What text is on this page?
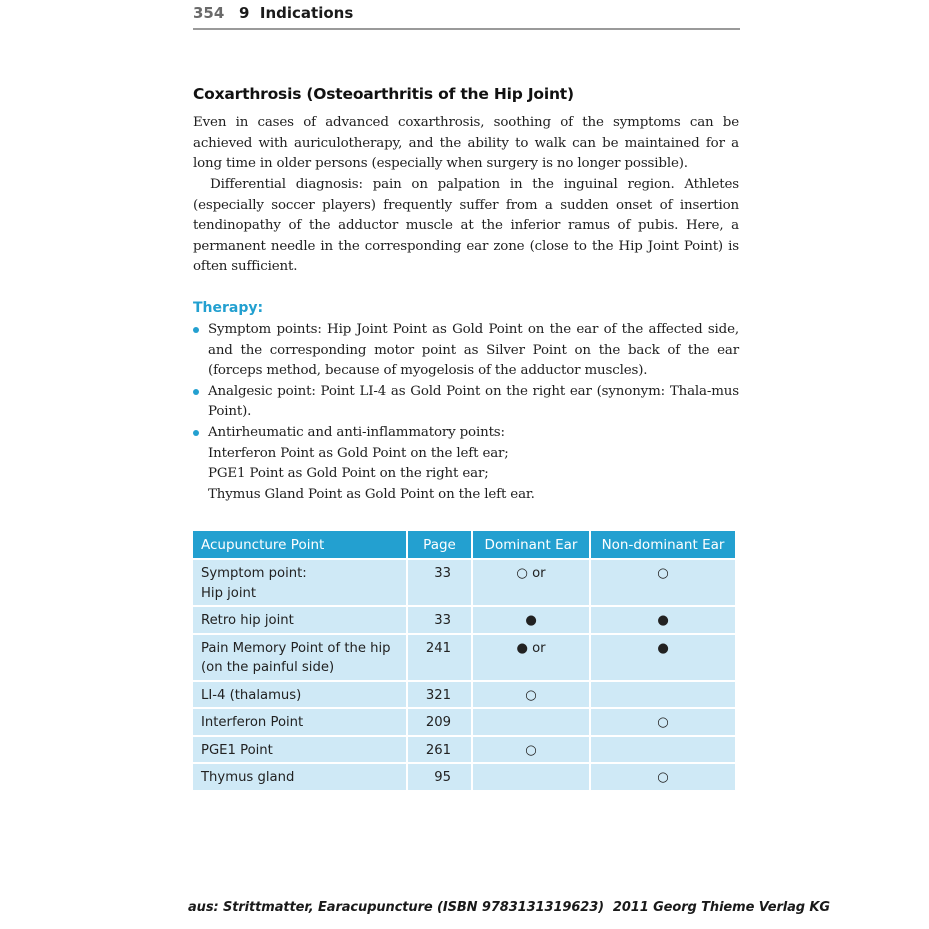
354 9  Indications
Coxarthrosis (Osteoarthritis of the Hip Joint)
Even in cases of advanced coxarthrosis, soothing of the symptoms can be achieved with auriculotherapy, and the ability to walk can be maintained for a long time in older persons (especially when surgery is no longer possible).
Differential diagnosis: pain on palpation in the inguinal region. Athletes (especially soccer players) frequently suffer from a sudden onset of insertion tendinopathy of the adductor muscle at the inferior ramus of pubis. Here, a permanent needle in the corresponding ear zone (close to the Hip Joint Point) is often sufficient.
Therapy:
Symptom points: Hip Joint Point as Gold Point on the ear of the affected side, and the corresponding motor point as Silver Point on the back of the ear (forceps method, because of myogelosis of the adductor muscles).
Analgesic point: Point LI-4 as Gold Point on the right ear (synonym: Thala-mus Point).
Antirheumatic and anti-inflammatory points:
Interferon Point as Gold Point on the left ear;
PGE1 Point as Gold Point on the right ear;
Thymus Gland Point as Gold Point on the left ear.
Acupuncture Point	Page	Dominant Ear	Non-dominant Ear
Symptom point:
Hip joint	33	○ or	○
Retro hip joint	33	●	●
Pain Memory Point of the hip
(on the painful side)	241	● or	●
LI-4 (thalamus)	321	○	
Interferon Point	209		○
PGE1 Point	261	○	
Thymus gland	95		○
aus: Strittmatter, Earacupuncture (ISBN 9783131319623)  2011 Georg Thieme Verlag KG
